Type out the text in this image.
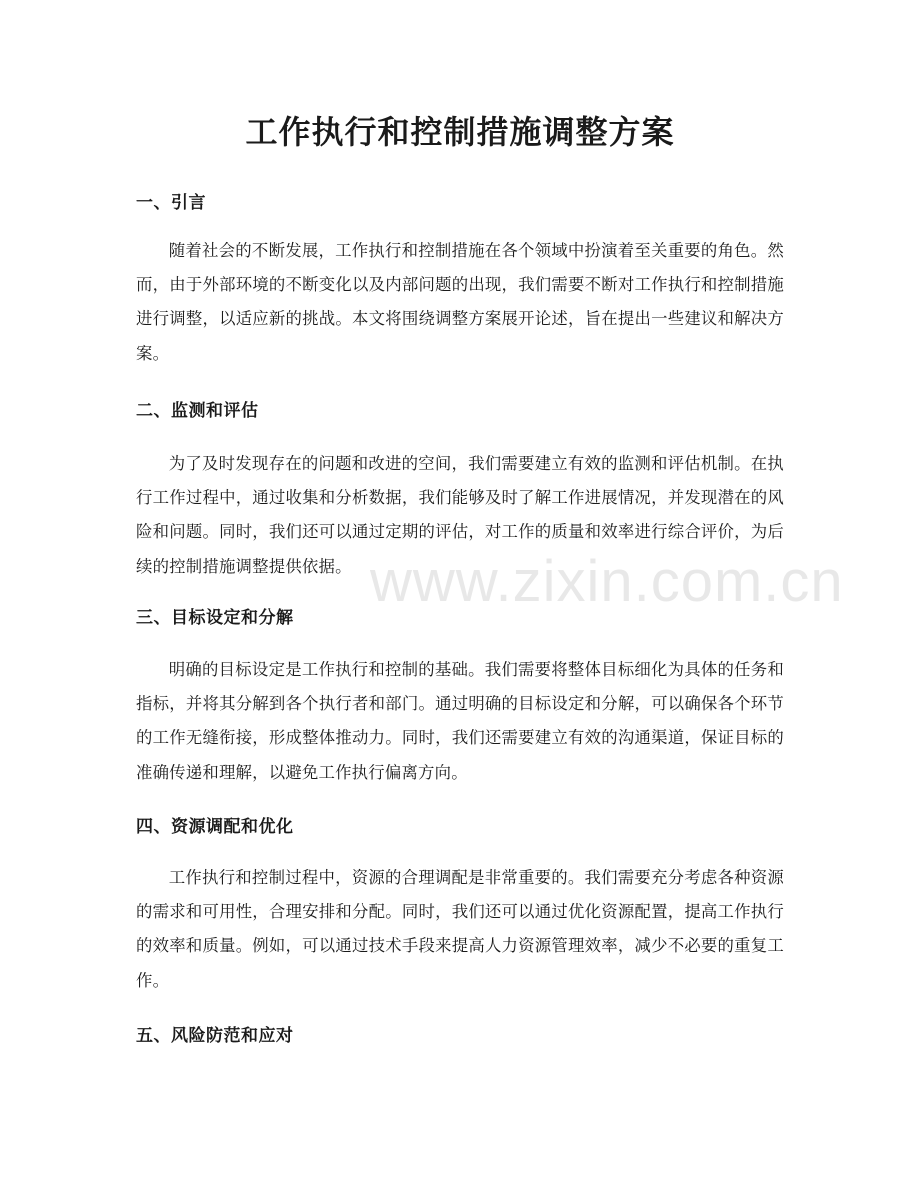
工作执行和控制措施调整方案
一、引言

随着社会的不断发展，工作执行和控制措施在各个领域中扮演着至关重要的角色。然而，由于外部环境的不断变化以及内部问题的出现，我们需要不断对工作执行和控制措施进行调整，以适应新的挑战。本文将围绕调整方案展开论述，旨在提出一些建议和解决方案。

二、监测和评估

为了及时发现存在的问题和改进的空间，我们需要建立有效的监测和评估机制。在执行工作过程中，通过收集和分析数据，我们能够及时了解工作进展情况，并发现潜在的风险和问题。同时，我们还可以通过定期的评估，对工作的质量和效率进行综合评价，为后续的控制措施调整提供依据。

三、目标设定和分解

明确的目标设定是工作执行和控制的基础。我们需要将整体目标细化为具体的任务和指标，并将其分解到各个执行者和部门。通过明确的目标设定和分解，可以确保各个环节的工作无缝衔接，形成整体推动力。同时，我们还需要建立有效的沟通渠道，保证目标的准确传递和理解，以避免工作执行偏离方向。

四、资源调配和优化

工作执行和控制过程中，资源的合理调配是非常重要的。我们需要充分考虑各种资源的需求和可用性，合理安排和分配。同时，我们还可以通过优化资源配置，提高工作执行的效率和质量。例如，可以通过技术手段来提高人力资源管理效率，减少不必要的重复工作。

五、风险防范和应对
www.zixin.com.cn
